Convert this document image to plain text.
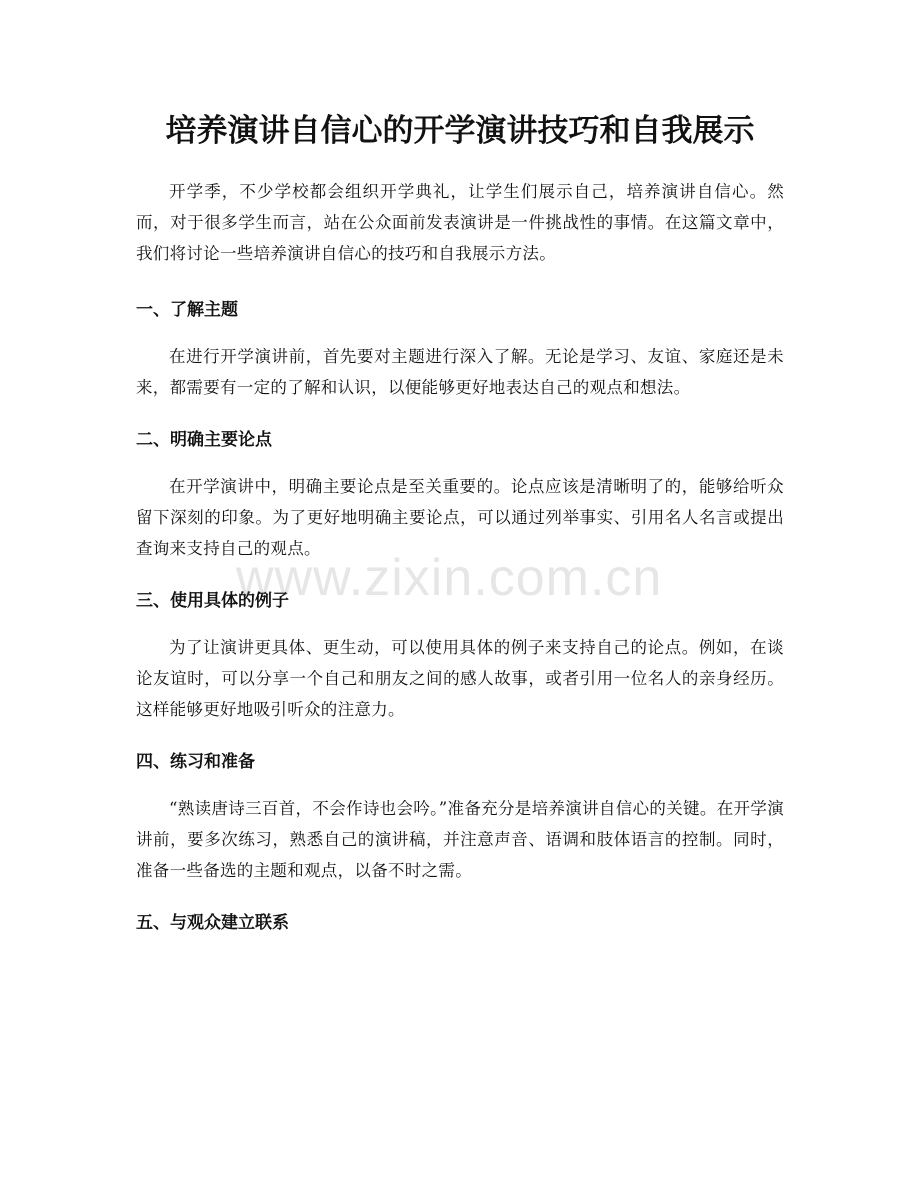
培养演讲自信心的开学演讲技巧和自我展示

开学季，不少学校都会组织开学典礼，让学生们展示自己，培养演讲自信心。然而，对于很多学生而言，站在公众面前发表演讲是一件挑战性的事情。在这篇文章中，我们将讨论一些培养演讲自信心的技巧和自我展示方法。

一、了解主题

在进行开学演讲前，首先要对主题进行深入了解。无论是学习、友谊、家庭还是未来，都需要有一定的了解和认识，以便能够更好地表达自己的观点和想法。

二、明确主要论点

在开学演讲中，明确主要论点是至关重要的。论点应该是清晰明了的，能够给听众留下深刻的印象。为了更好地明确主要论点，可以通过列举事实、引用名人名言或提出查询来支持自己的观点。

三、使用具体的例子

为了让演讲更具体、更生动，可以使用具体的例子来支持自己的论点。例如，在谈论友谊时，可以分享一个自己和朋友之间的感人故事，或者引用一位名人的亲身经历。这样能够更好地吸引听众的注意力。

四、练习和准备

“熟读唐诗三百首，不会作诗也会吟。”准备充分是培养演讲自信心的关键。在开学演讲前，要多次练习，熟悉自己的演讲稿，并注意声音、语调和肢体语言的控制。同时，准备一些备选的主题和观点，以备不时之需。

五、与观众建立联系
www.zixin.com.cn
